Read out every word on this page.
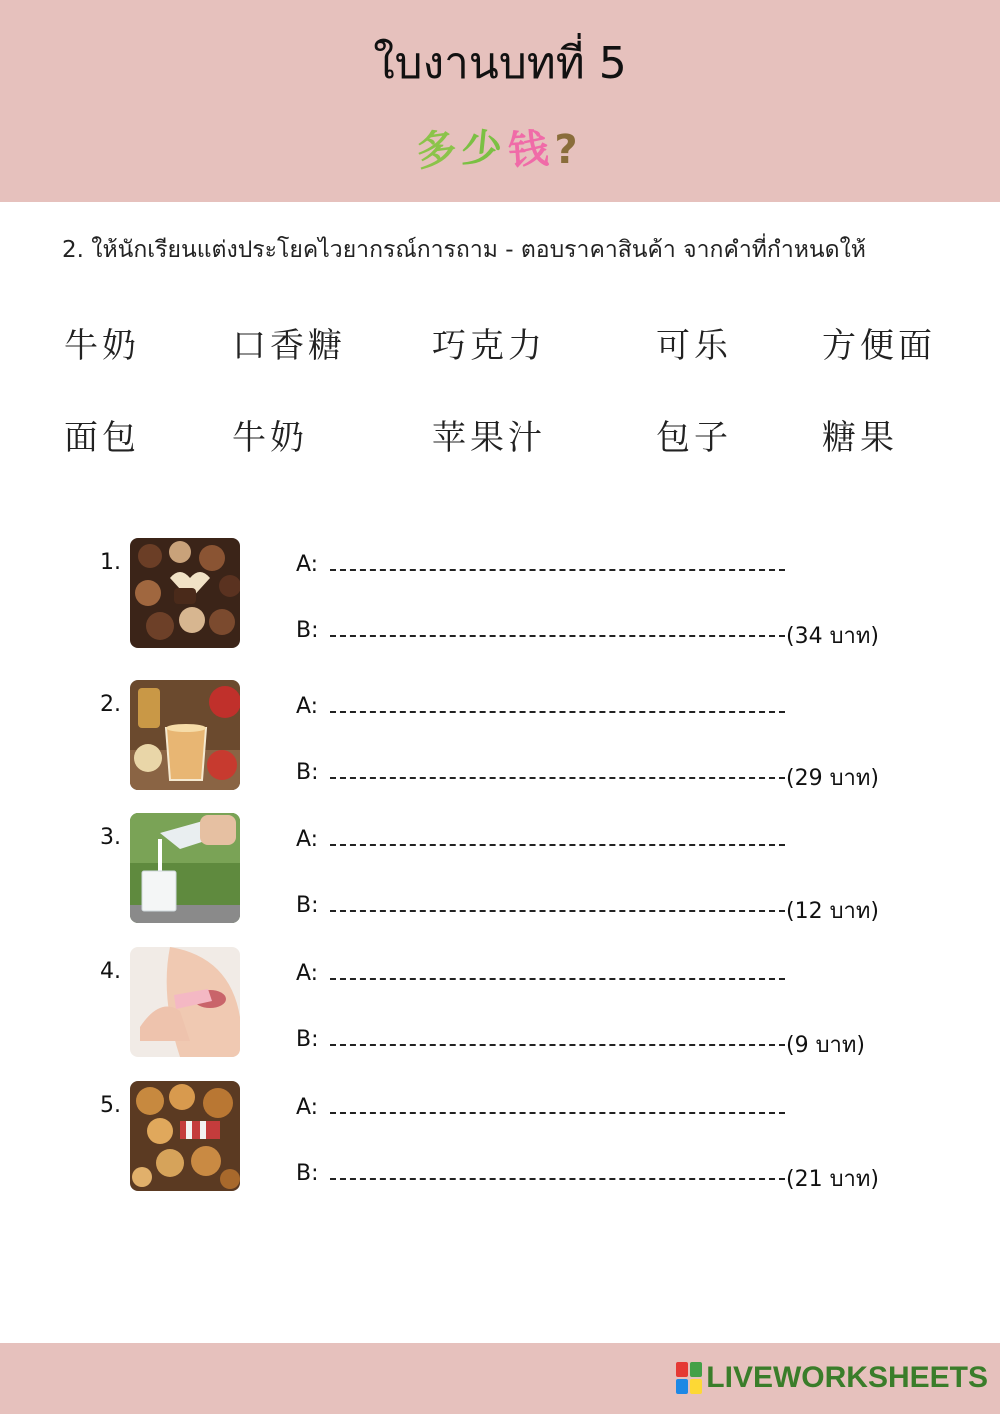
ใบงานบทที่ 5
多少钱?
2. ให้นักเรียนแต่งประโยคไวยากรณ์การถาม - ตอบราคาสินค้า จากคำที่กำหนดให้
牛奶	口香糖	巧克力	可乐	方便面
面包	牛奶	苹果汁	包子	糖果
1.	A:
B:	(34 บาท)
2.	A:
B:	(29 บาท)
3.	A:
B:	(12 บาท)
4.	A:
B:	(9 บาท)
5.	A:
B:	(21 บาท)
LIVEWORKSHEETS
